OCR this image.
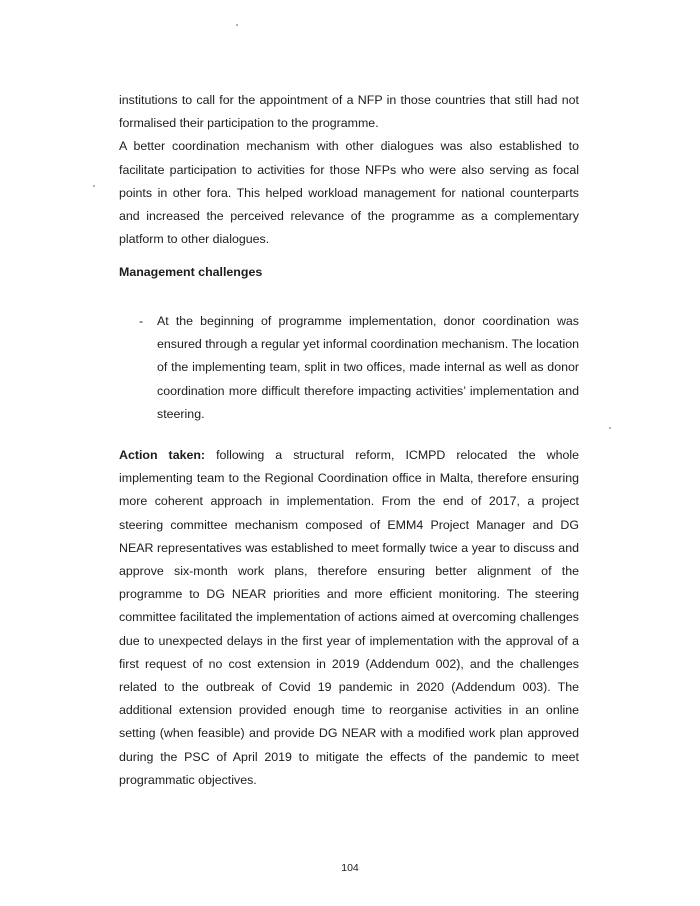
institutions to call for the appointment of a NFP in those countries that still had not formalised their participation to the programme.

A better coordination mechanism with other dialogues was also established to facilitate participation to activities for those NFPs who were also serving as focal points in other fora. This helped workload management for national counterparts and increased the perceived relevance of the programme as a complementary platform to other dialogues.

Management challenges
- At the beginning of programme implementation, donor coordination was ensured through a regular yet informal coordination mechanism. The location of the implementing team, split in two offices, made internal as well as donor coordination more difficult therefore impacting activities’ implementation and steering.

Action taken: following a structural reform, ICMPD relocated the whole implementing team to the Regional Coordination office in Malta, therefore ensuring more coherent approach in implementation. From the end of 2017, a project steering committee mechanism composed of EMM4 Project Manager and DG NEAR representatives was established to meet formally twice a year to discuss and approve six-month work plans, therefore ensuring better alignment of the programme to DG NEAR priorities and more efficient monitoring. The steering committee facilitated the implementation of actions aimed at overcoming challenges due to unexpected delays in the first year of implementation with the approval of a first request of no cost extension in 2019 (Addendum 002), and the challenges related to the outbreak of Covid 19 pandemic in 2020 (Addendum 003). The additional extension provided enough time to reorganise activities in an online setting (when feasible) and provide DG NEAR with a modified work plan approved during the PSC of April 2019 to mitigate the effects of the pandemic to meet programmatic objectives.

104
